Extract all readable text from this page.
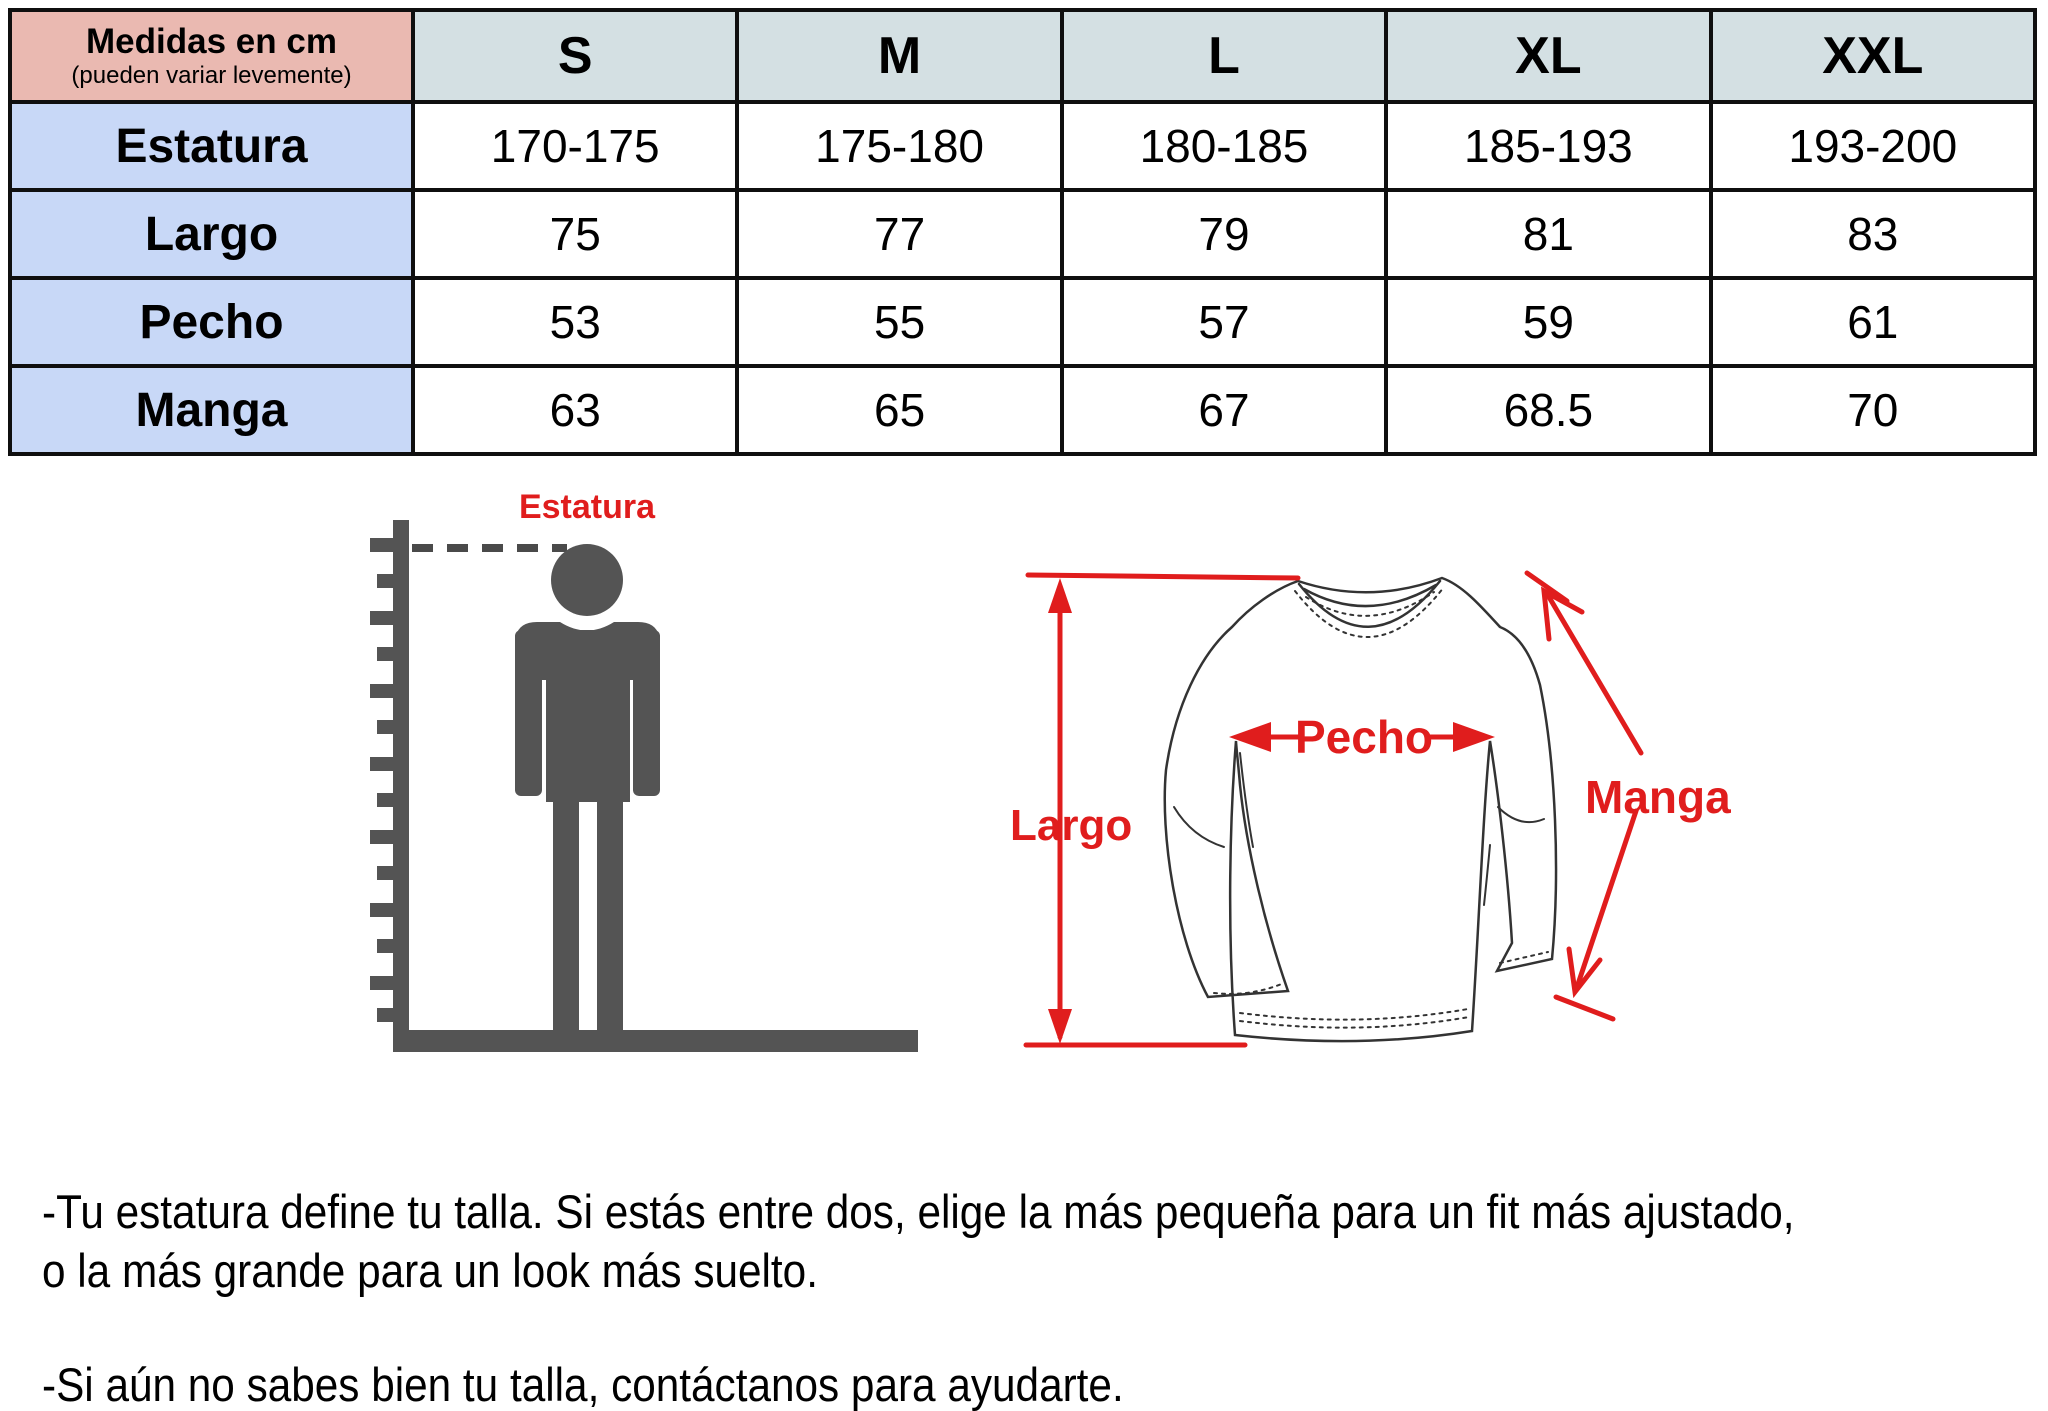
Medidas en cm
(pueden variar levemente)	S	M	L	XL	XXL
Estatura	170-175	175-180	180-185	185-193	193-200
Largo	75	77	79	81	83
Pecho	53	55	57	59	61
Manga	63	65	67	68.5	70
Estatura
Largo
Pecho
Manga
-Tu estatura define tu talla. Si estás entre dos, elige la más pequeña para un fit más ajustado,
o la más grande para un look más suelto.
-Si aún no sabes bien tu talla, contáctanos para ayudarte.
